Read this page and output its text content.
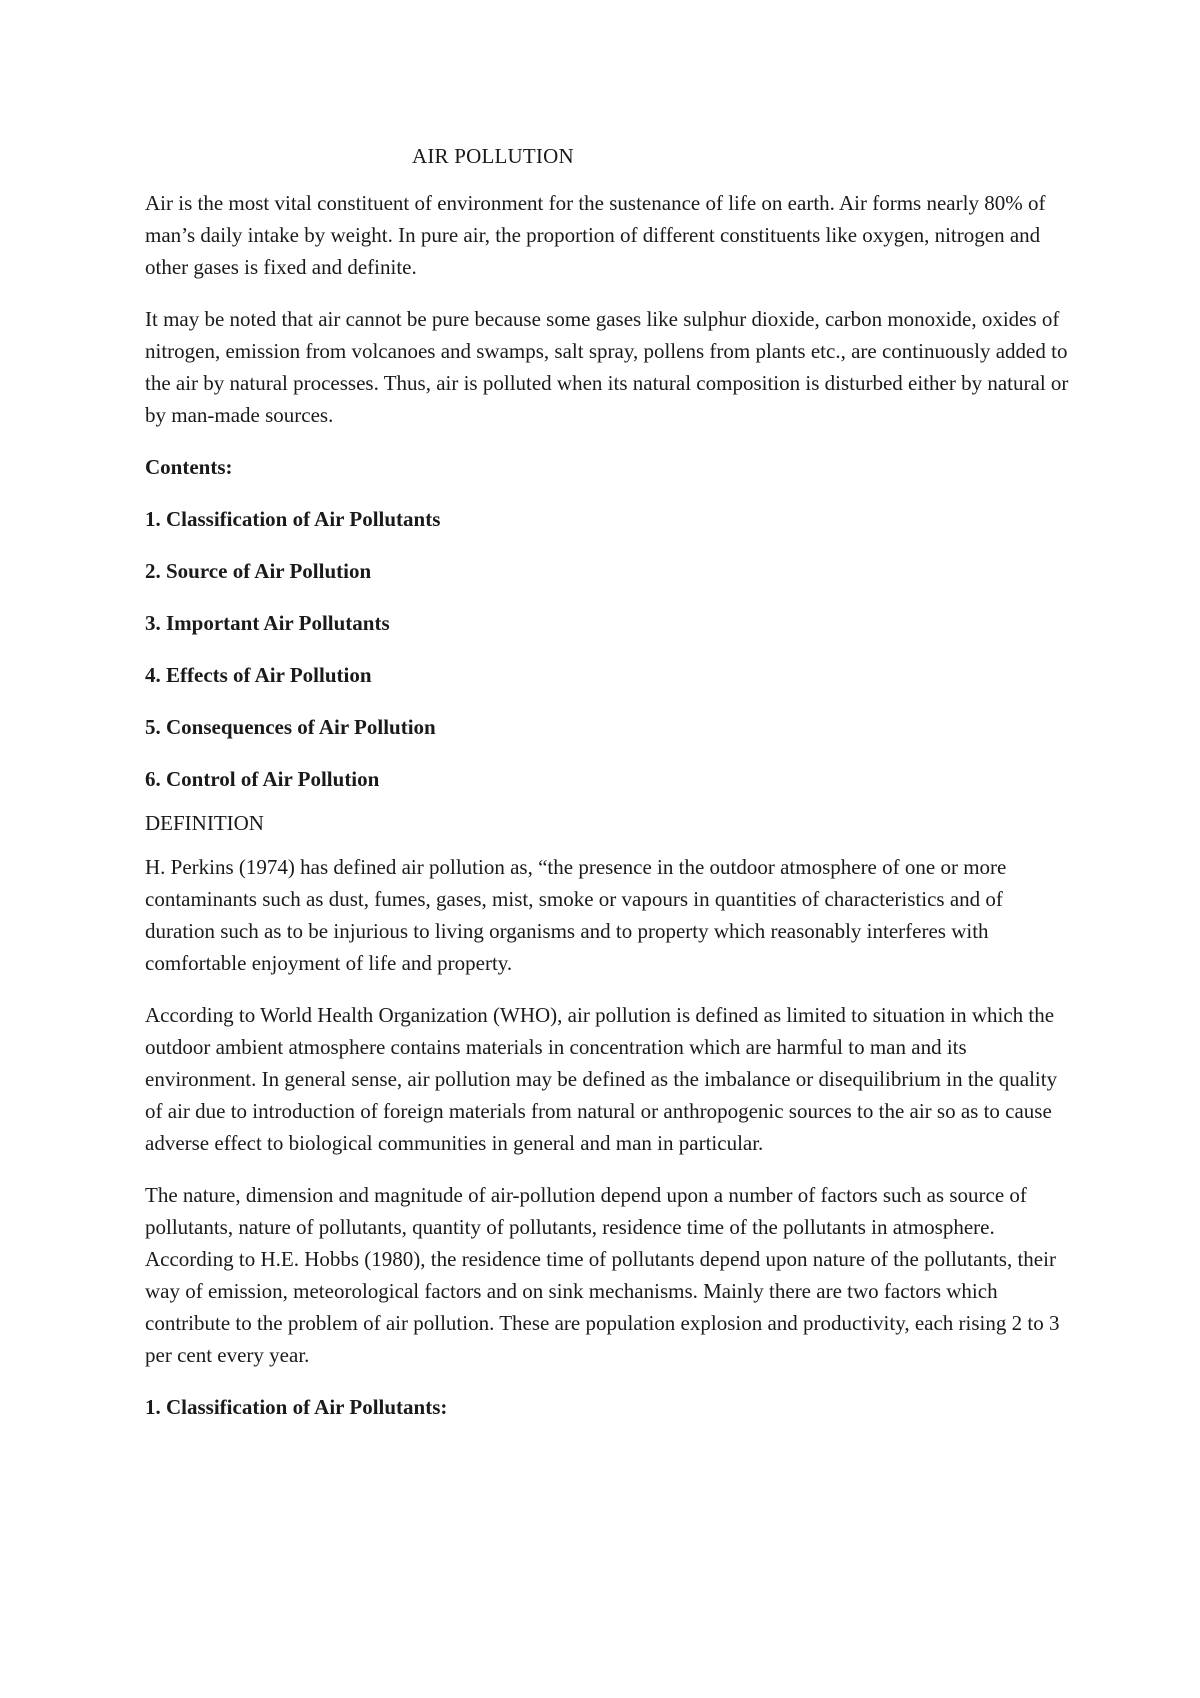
AIR POLLUTION

Air is the most vital constituent of environment for the sustenance of life on earth. Air forms nearly 80% of man’s daily intake by weight. In pure air, the proportion of different constituents like oxygen, nitrogen and other gases is fixed and definite.

It may be noted that air cannot be pure because some gases like sulphur dioxide, carbon monoxide, oxides of nitrogen, emission from volcanoes and swamps, salt spray, pollens from plants etc., are continuously added to the air by natural processes. Thus, air is polluted when its natural composition is disturbed either by natural or by man-made sources.

Contents:

1. Classification of Air Pollutants
2. Source of Air Pollution
3. Important Air Pollutants
4. Effects of Air Pollution
5. Consequences of Air Pollution
6. Control of Air Pollution

DEFINITION

H. Perkins (1974) has defined air pollution as, “the presence in the outdoor atmosphere of one or more contaminants such as dust, fumes, gases, mist, smoke or vapours in quantities of characteristics and of duration such as to be injurious to living organisms and to property which reasonably interferes with comfortable enjoyment of life and property.

According to World Health Organization (WHO), air pollution is defined as limited to situation in which the outdoor ambient atmosphere contains materials in concentration which are harmful to man and its environment. In general sense, air pollution may be defined as the imbalance or disequilibrium in the quality of air due to introduction of foreign materials from natural or anthropogenic sources to the air so as to cause adverse effect to biological communities in general and man in particular.

The nature, dimension and magnitude of air-pollution depend upon a number of factors such as source of pollutants, nature of pollutants, quantity of pollutants, residence time of the pollutants in atmosphere. According to H.E. Hobbs (1980), the residence time of pollutants depend upon nature of the pollutants, their way of emission, meteorological factors and on sink mechanisms. Mainly there are two factors which contribute to the problem of air pollution. These are population explosion and productivity, each rising 2 to 3 per cent every year.

1. Classification of Air Pollutants:
